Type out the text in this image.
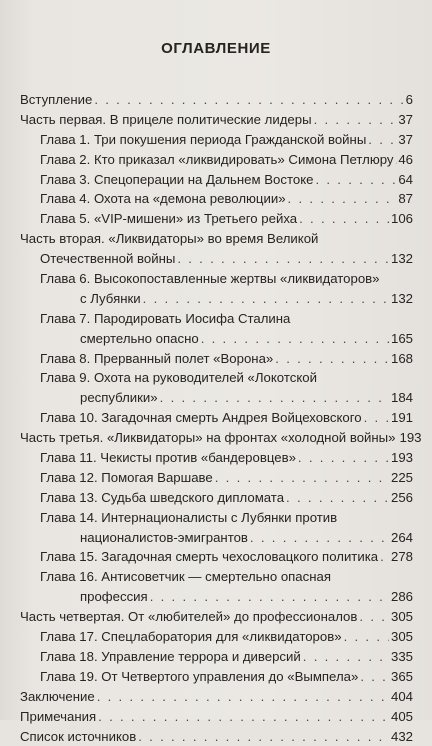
ОГЛАВЛЕНИЕ
Вступление . . .	6
Часть первая. В прицеле политические лидеры . . .	37
Глава 1. Три покушения периода Гражданской войны . . . 37
Глава 2. Кто приказал «ликвидировать» Симона Петлюру . . . 46
Глава 3. Спецоперации на Дальнем Востоке . . .	64
Глава 4. Охота на «демона революции» . . .	87
Глава 5. «VIP-мишени» из Третьего рейха . . .	106
Часть вторая. «Ликвидаторы» во время Великой
Отечественной войны . . .	132
Глава 6. Высокопоставленные жертвы «ликвидаторов»
с Лубянки . . .	132
Глава 7. Пародировать Иосифа Сталина
смертельно опасно . . .	165
Глава 8. Прерванный полет «Ворона» . . .	168
Глава 9. Охота на руководителей «Локотской
республики» . . .	184
Глава 10. Загадочная смерть Андрея Войцеховского . . . 191
Часть третья. «Ликвидаторы» на фронтах «холодной войны» 193
Глава 11. Чекисты против «бандеровцев» . . .	193
Глава 12. Помогая Варшаве . . .	225
Глава 13. Судьба шведского дипломата . . .	256
Глава 14. Интернационалисты с Лубянки против
националистов-эмигрантов . . .	264
Глава 15. Загадочная смерть чехословацкого политика . . . 278
Глава 16. Антисоветчик — смертельно опасная
профессия . . .	286
Часть четвертая. От «любителей» до профессионалов . . .	305
Глава 17. Спецлаборатория для «ликвидаторов» . . .	305
Глава 18. Управление террора и диверсий . . .	335
Глава 19. От Четвертого управления до «Вымпела» . . . 365
Заключение . . .	404
Примечания . . .	405
Список источников . . .	432
